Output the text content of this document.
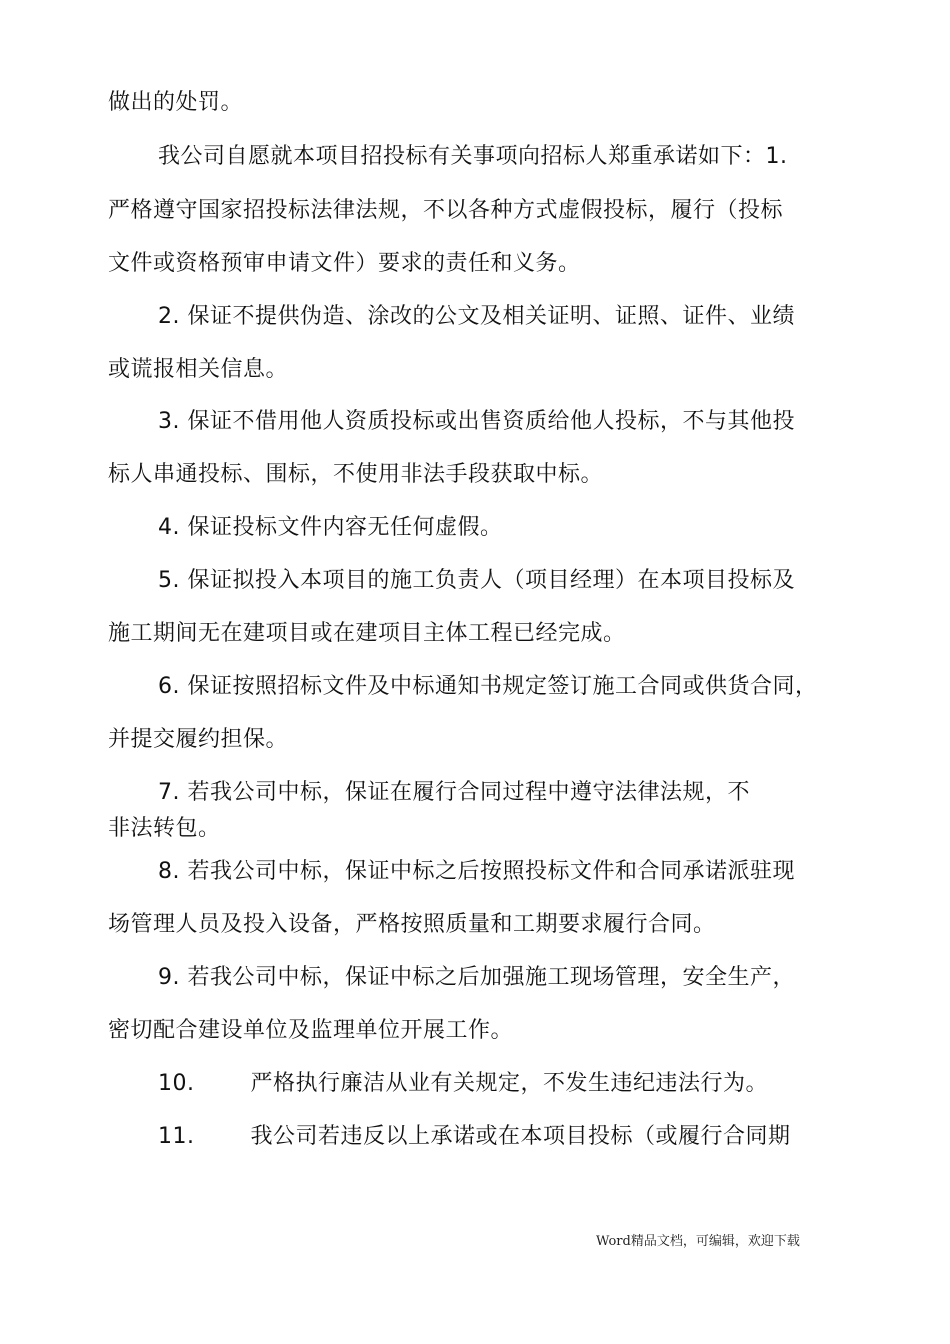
做出的处罚。
我公司自愿就本项目招投标有关事项向招标人郑重承诺如下：1.
严格遵守国家招投标法律法规，不以各种方式虚假投标，履行（投标
文件或资格预审申请文件）要求的责任和义务。
2. 保证不提供伪造、涂改的公文及相关证明、证照、证件、业绩
或谎报相关信息。
3. 保证不借用他人资质投标或出售资质给他人投标，不与其他投
标人串通投标、围标，不使用非法手段获取中标。
4. 保证投标文件内容无任何虚假。
5. 保证拟投入本项目的施工负责人（项目经理）在本项目投标及
施工期间无在建项目或在建项目主体工程已经完成。
6. 保证按照招标文件及中标通知书规定签订施工合同或供货合同，
并提交履约担保。
7. 若我公司中标，保证在履行合同过程中遵守法律法规，不
非法转包。
8. 若我公司中标，保证中标之后按照投标文件和合同承诺派驻现
场管理人员及投入设备，严格按照质量和工期要求履行合同。
9. 若我公司中标，保证中标之后加强施工现场管理，安全生产，
密切配合建设单位及监理单位开展工作。
10.	严格执行廉洁从业有关规定，不发生违纪违法行为。
11.	我公司若违反以上承诺或在本项目投标（或履行合同期
Word精品文档，可编辑，欢迎下载
